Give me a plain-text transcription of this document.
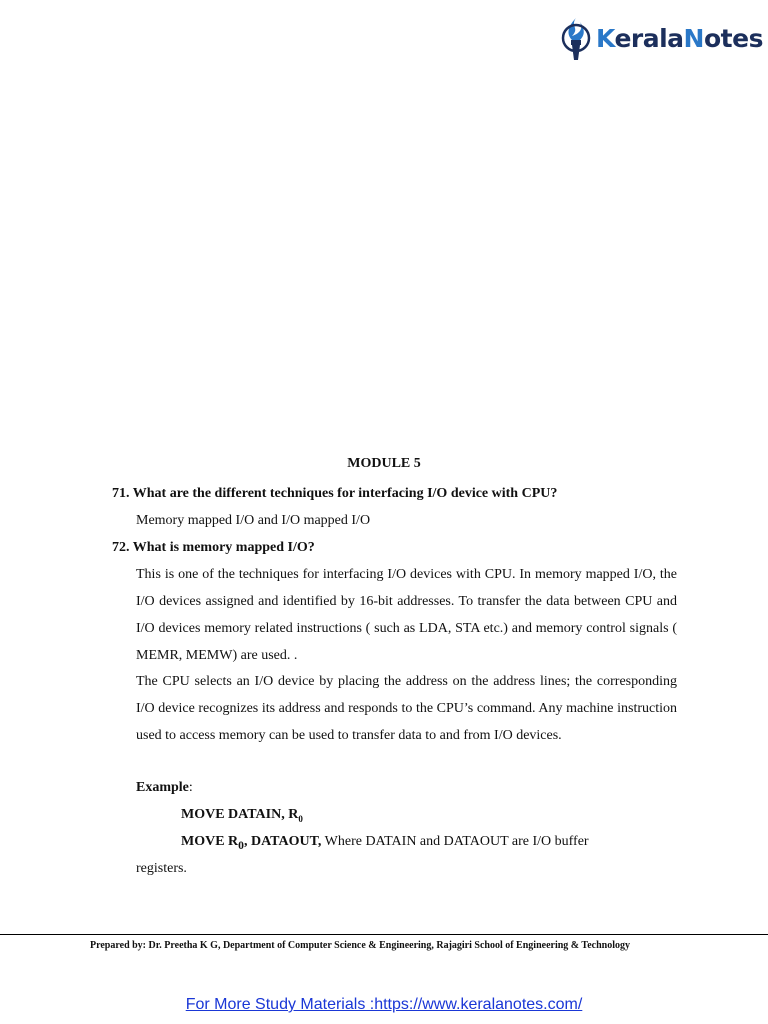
KeralaNotes
MODULE 5
71. What are the different techniques for interfacing I/O device with CPU?

Memory mapped I/O and I/O mapped I/O

72. What is memory mapped I/O?

This is one of the techniques for interfacing I/O devices with CPU. In memory mapped I/O, the I/O devices assigned and identified by 16-bit addresses. To transfer the data between CPU and I/O devices memory related instructions ( such as LDA, STA etc.) and memory control signals ( MEMR, MEMW) are used. .

The CPU selects an I/O device by placing the address on the address lines; the corresponding I/O device recognizes its address and responds to the CPU’s command. Any machine instruction used to access memory can be used to transfer data to and from I/O devices.

Example:
MOVE DATAIN, $R_0$
MOVE $R_0$, DATAOUT, Where DATAIN and DATAOUT are I/O buffer
registers.
Prepared by: Dr. Preetha K G, Department of Computer Science & Engineering, Rajagiri School of Engineering & Technology
For More Study Materials :https://www.keralanotes.com/
